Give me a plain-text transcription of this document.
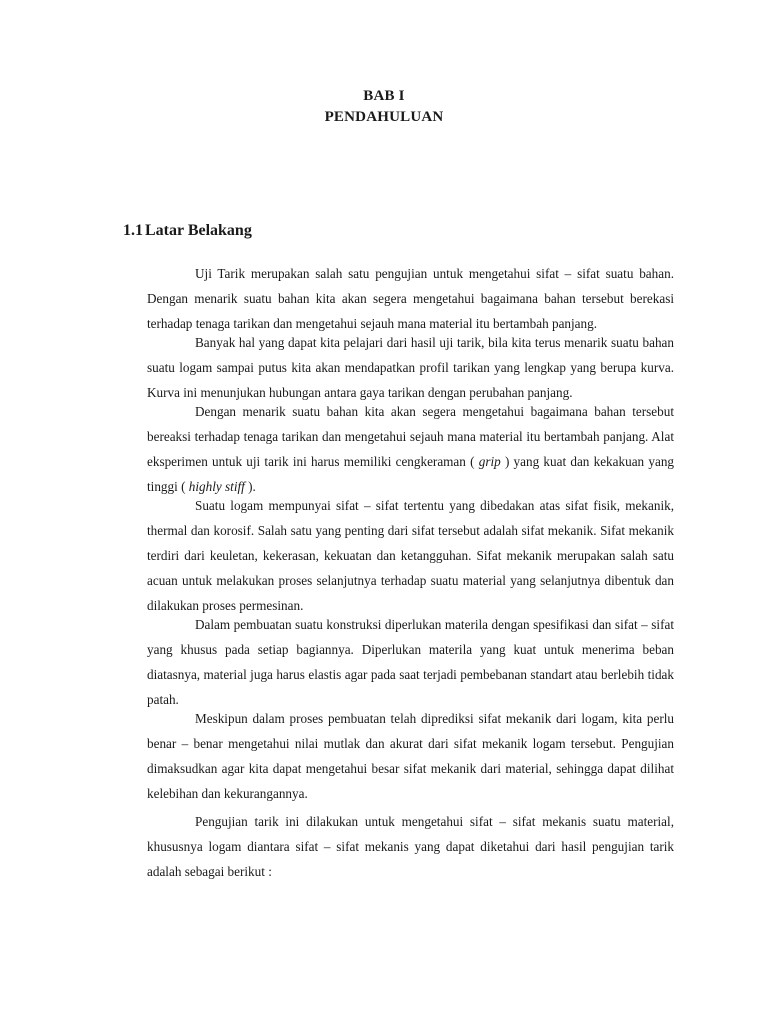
BAB I
PENDAHULUAN
1.1 Latar Belakang

Uji Tarik merupakan salah satu pengujian untuk mengetahui sifat – sifat suatu bahan. Dengan menarik suatu bahan kita akan segera mengetahui bagaimana bahan tersebut berekasi terhadap tenaga tarikan dan mengetahui sejauh mana material itu bertambah panjang.

Banyak hal yang dapat kita pelajari dari hasil uji tarik, bila kita terus menarik suatu bahan suatu logam sampai putus kita akan mendapatkan profil tarikan yang lengkap yang berupa kurva. Kurva ini menunjukan hubungan antara gaya tarikan dengan perubahan panjang.

Dengan menarik suatu bahan kita akan segera mengetahui bagaimana bahan tersebut bereaksi terhadap tenaga tarikan dan mengetahui sejauh mana material itu bertambah panjang. Alat eksperimen untuk uji tarik ini harus memiliki cengkeraman ( grip ) yang kuat dan kekakuan yang tinggi ( highly stiff ).

Suatu logam mempunyai sifat – sifat tertentu yang dibedakan atas sifat fisik, mekanik, thermal dan korosif. Salah satu yang penting dari sifat tersebut adalah sifat mekanik. Sifat mekanik terdiri dari keuletan, kekerasan, kekuatan dan ketangguhan. Sifat mekanik merupakan salah satu acuan untuk melakukan proses selanjutnya terhadap suatu material yang selanjutnya dibentuk dan dilakukan proses permesinan.

Dalam pembuatan suatu konstruksi diperlukan materila dengan spesifikasi dan sifat – sifat yang khusus pada setiap bagiannya. Diperlukan materila yang kuat untuk menerima beban diatasnya, material juga harus elastis agar pada saat terjadi pembebanan standart atau berlebih tidak patah.

Meskipun dalam proses pembuatan telah diprediksi sifat mekanik dari logam, kita perlu benar – benar mengetahui nilai mutlak dan akurat dari sifat mekanik logam tersebut. Pengujian dimaksudkan agar kita dapat mengetahui besar sifat mekanik dari material, sehingga dapat dilihat kelebihan dan kekurangannya.

Pengujian tarik ini dilakukan untuk mengetahui sifat – sifat mekanis suatu material, khususnya logam diantara sifat – sifat mekanis yang dapat diketahui dari hasil pengujian tarik adalah sebagai berikut :
